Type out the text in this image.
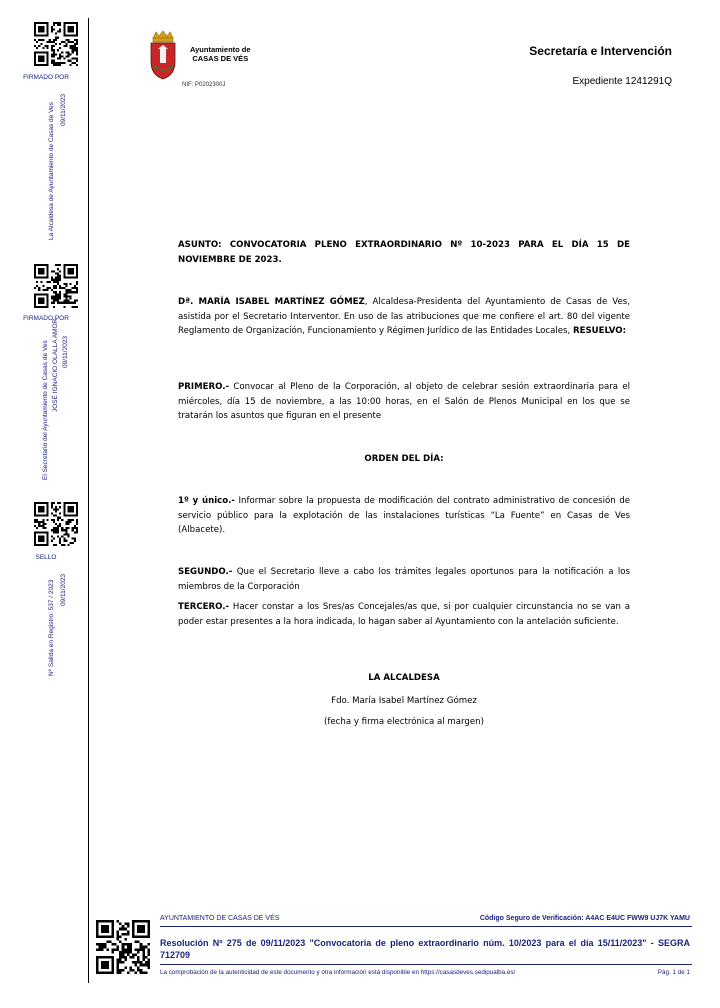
FIRMADO POR
La Alcaldesa de Ayuntamiento de Casas de Ves 09/11/2023
FIRMADO POR
El Secretario del Ayuntamiento de Casas de Ves JOSÉ IGNACIO OLALLA AMOR 09/11/2023
SELLO
Nº Salida en Registro: 537 / 2023 09/11/2023
Ayuntamiento de
CASAS DE VÉS
NIF: P0202300J
Secretaría e Intervención
Expediente 1241291Q
ASUNTO: CONVOCATORIA PLENO EXTRAORDINARIO Nº 10-2023 PARA EL DÍA 15 DE NOVIEMBRE DE 2023.
Dª. MARÍA ISABEL MARTÍNEZ GÓMEZ, Alcaldesa-Presidenta del Ayuntamiento de Casas de Ves, asistida por el Secretario Interventor. En uso de las atribuciones que me confiere el art. 80 del vigente Reglamento de Organización, Funcionamiento y Régimen Jurídico de las Entidades Locales, RESUELVO:
PRIMERO.- Convocar al Pleno de la Corporación, al objeto de celebrar sesión extraordinaria para el miércoles, día 15 de noviembre, a las 10:00 horas, en el Salón de Plenos Municipal en los que se tratarán los asuntos que figuran en el presente
ORDEN DEL DÍA:
1º y único.- Informar sobre la propuesta de modificación del contrato administrativo de concesión de servicio público para la explotación de las instalaciones turísticas “La Fuente” en Casas de Ves (Albacete).
SEGUNDO.- Que el Secretario lleve a cabo los trámites legales oportunos para la notificación a los miembros de la Corporación
TERCERO.- Hacer constar a los Sres/as Concejales/as que, si por cualquier circunstancia no se van a poder estar presentes a la hora indicada, lo hagan saber al Ayuntamiento con la antelación suficiente.
LA ALCALDESA
Fdo. María Isabel Martínez Gómez
(fecha y firma electrónica al margen)
AYUNTAMIENTO DE CASAS DE VÉS	Código Seguro de Verificación: A4AC E4UC FWW9 UJ7K YAMU
Resolución Nº 275 de 09/11/2023 "Convocatoria de pleno extraordinario núm. 10/2023 para el día 15/11/2023" - SEGRA 712709
La comprobación de la autenticidad de este documento y otra información está disponible en https://casasdeves.sedipualba.es/	Pág. 1 de 1
